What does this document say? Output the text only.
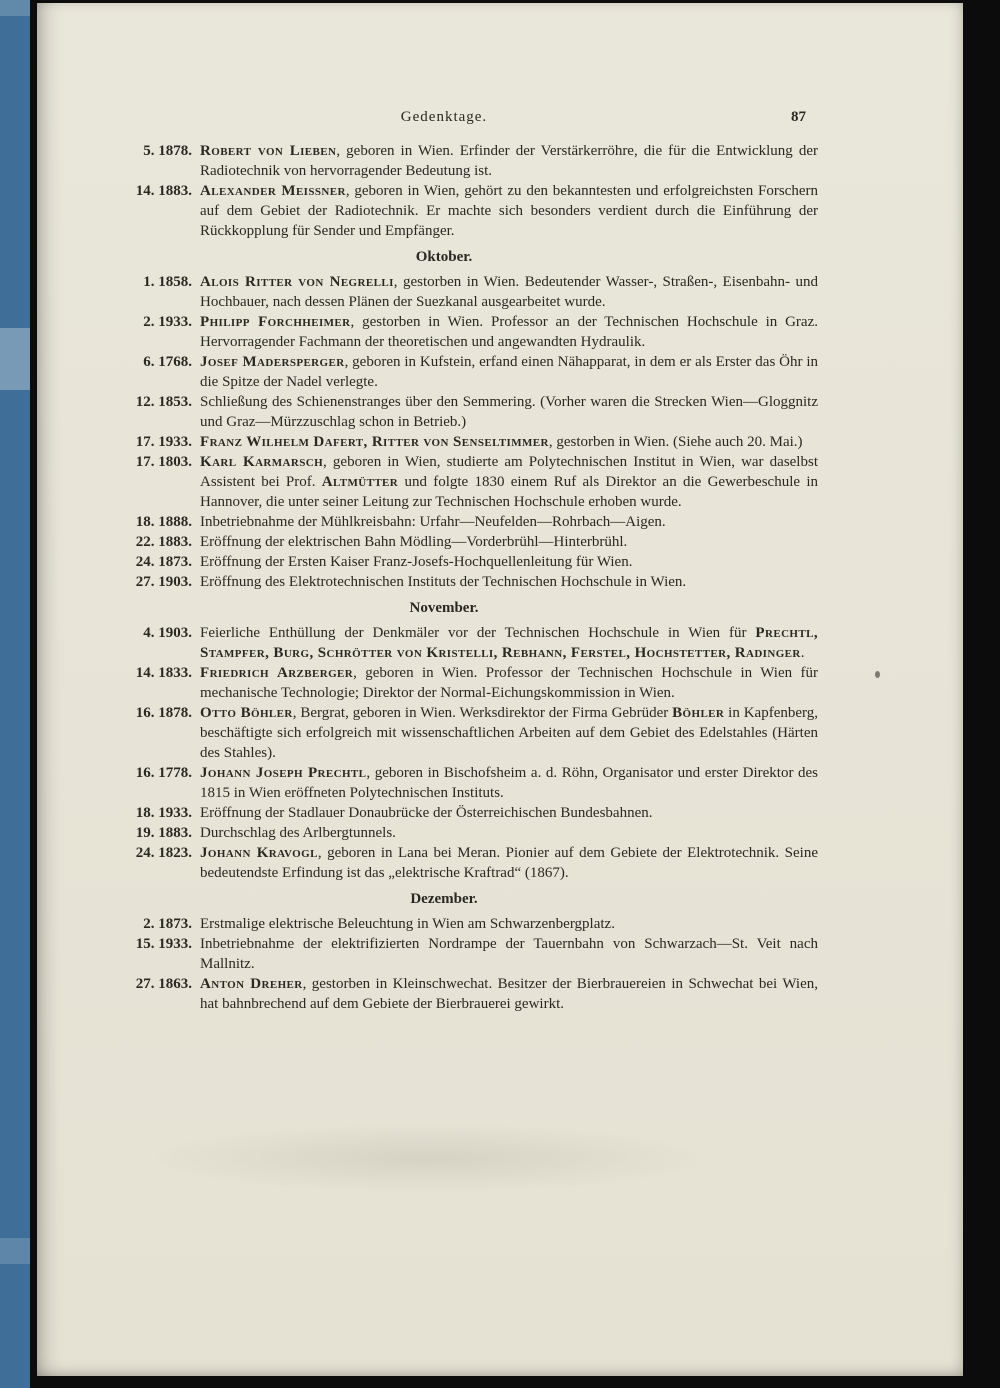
Gedenktage.	87
5. 1878. Robert von Lieben, geboren in Wien. Erfinder der Verstärkerröhre, die für die Entwicklung der Radiotechnik von hervorragender Bedeutung ist.
14. 1883. Alexander Meissner, geboren in Wien, gehört zu den bekanntesten und erfolgreichsten Forschern auf dem Gebiet der Radiotechnik. Er machte sich besonders verdient durch die Einführung der Rückkopplung für Sender und Empfänger.
Oktober.
1. 1858. Alois Ritter von Negrelli, gestorben in Wien. Bedeutender Wasser-, Straßen-, Eisenbahn- und Hochbauer, nach dessen Plänen der Suezkanal ausgearbeitet wurde.
2. 1933. Philipp Forchheimer, gestorben in Wien. Professor an der Technischen Hochschule in Graz. Hervorragender Fachmann der theoretischen und angewandten Hydraulik.
6. 1768. Josef Madersperger, geboren in Kufstein, erfand einen Nähapparat, in dem er als Erster das Öhr in die Spitze der Nadel verlegte.
12. 1853. Schließung des Schienenstranges über den Semmering. (Vorher waren die Strecken Wien—Gloggnitz und Graz—Mürzzuschlag schon in Betrieb.)
17. 1933. Franz Wilhelm Dafert, Ritter von Senseltimmer, gestorben in Wien. (Siehe auch 20. Mai.)
17. 1803. Karl Karmarsch, geboren in Wien, studierte am Polytechnischen Institut in Wien, war daselbst Assistent bei Prof. Altmütter und folgte 1830 einem Ruf als Direktor an die Gewerbeschule in Hannover, die unter seiner Leitung zur Technischen Hochschule erhoben wurde.
18. 1888. Inbetriebnahme der Mühlkreisbahn: Urfahr—Neufelden—Rohrbach—Aigen.
22. 1883. Eröffnung der elektrischen Bahn Mödling—Vorderbrühl—Hinterbrühl.
24. 1873. Eröffnung der Ersten Kaiser Franz-Josefs-Hochquellenleitung für Wien.
27. 1903. Eröffnung des Elektrotechnischen Instituts der Technischen Hochschule in Wien.
November.
4. 1903. Feierliche Enthüllung der Denkmäler vor der Technischen Hochschule in Wien für Prechtl, Stampfer, Burg, Schrötter von Kristelli, Rebhann, Ferstel, Hochstetter, Radinger.
14. 1833. Friedrich Arzberger, geboren in Wien. Professor der Technischen Hochschule in Wien für mechanische Technologie; Direktor der Normal-Eichungskommission in Wien.
16. 1878. Otto Böhler, Bergrat, geboren in Wien. Werksdirektor der Firma Gebrüder Böhler in Kapfenberg, beschäftigte sich erfolgreich mit wissenschaftlichen Arbeiten auf dem Gebiet des Edelstahles (Härten des Stahles).
16. 1778. Johann Joseph Prechtl, geboren in Bischofsheim a. d. Röhn, Organisator und erster Direktor des 1815 in Wien eröffneten Polytechnischen Instituts.
18. 1933. Eröffnung der Stadlauer Donaubrücke der Österreichischen Bundesbahnen.
19. 1883. Durchschlag des Arlbergtunnels.
24. 1823. Johann Kravogl, geboren in Lana bei Meran. Pionier auf dem Gebiete der Elektrotechnik. Seine bedeutendste Erfindung ist das „elektrische Kraftrad“ (1867).
Dezember.
2. 1873. Erstmalige elektrische Beleuchtung in Wien am Schwarzenbergplatz.
15. 1933. Inbetriebnahme der elektrifizierten Nordrampe der Tauernbahn von Schwarzach—St. Veit nach Mallnitz.
27. 1863. Anton Dreher, gestorben in Kleinschwechat. Besitzer der Bierbrauereien in Schwechat bei Wien, hat bahnbrechend auf dem Gebiete der Bierbrauerei gewirkt.
